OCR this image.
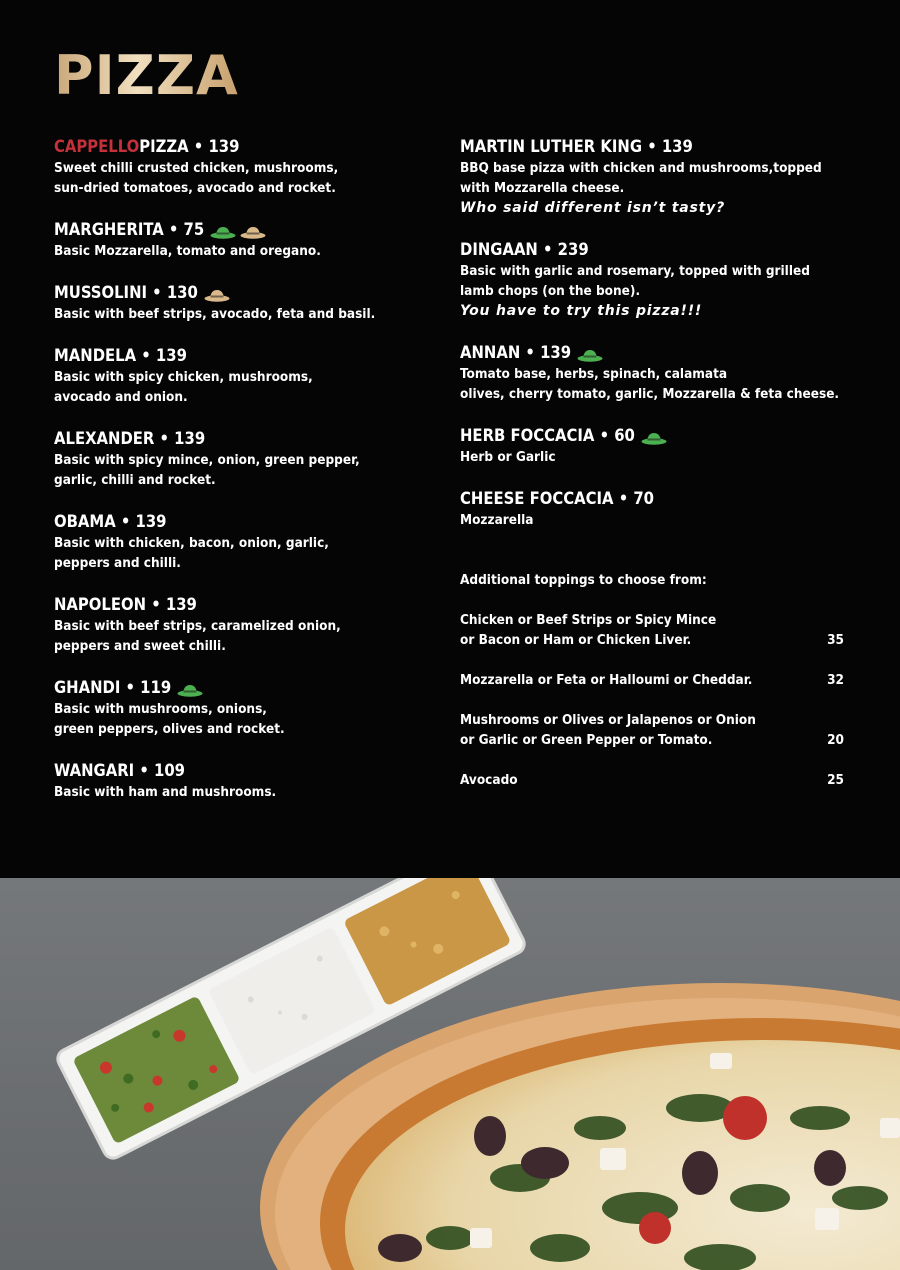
PIZZA
CAPPELLO PIZZA • 139
Sweet chilli crusted chicken, mushrooms,
sun-dried tomatoes, avocado and rocket.
MARGHERITA • 75
Basic Mozzarella, tomato and oregano.
MUSSOLINI • 130
Basic with beef strips, avocado, feta and basil.
MANDELA • 139
Basic with spicy chicken, mushrooms,
avocado and onion.
ALEXANDER • 139
Basic with spicy mince, onion, green pepper,
garlic, chilli and rocket.
OBAMA • 139
Basic with chicken, bacon, onion, garlic,
peppers and chilli.
NAPOLEON • 139
Basic with beef strips, caramelized onion,
peppers and sweet chilli.
GHANDI • 119
Basic with mushrooms, onions,
green peppers, olives and rocket.
WANGARI • 109
Basic with ham and mushrooms.
MARTIN LUTHER KING • 139
BBQ base pizza with chicken and mushrooms,topped
with Mozzarella cheese.
Who said different isn’t tasty?
DINGAAN • 239
Basic with garlic and rosemary, topped with grilled
lamb chops (on the bone).
You have to try this pizza!!!
ANNAN • 139
Tomato base, herbs, spinach, calamata
olives, cherry tomato, garlic, Mozzarella & feta cheese.
HERB FOCCACIA • 60
Herb or Garlic
CHEESE FOCCACIA • 70
Mozzarella
Additional toppings to choose from:
Chicken or Beef Strips or Spicy Mince
or Bacon or Ham or Chicken Liver.	35
Mozzarella or Feta or Halloumi or Cheddar.	32
Mushrooms or Olives or Jalapenos or Onion
or Garlic or Green Pepper or Tomato.	20
Avocado	25
